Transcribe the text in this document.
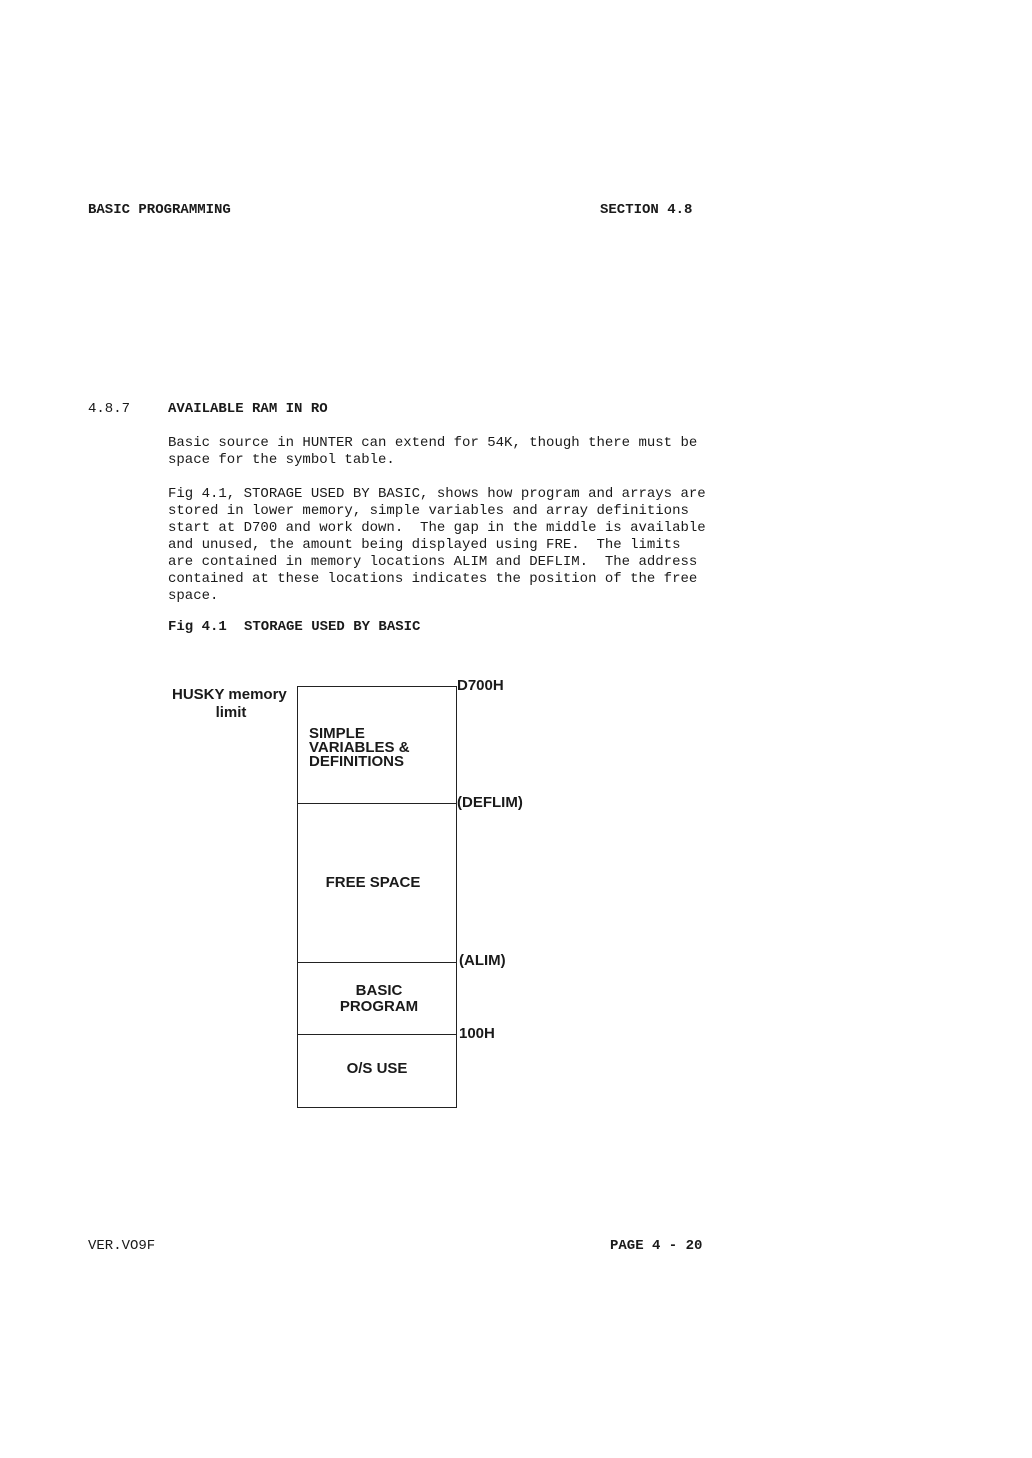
BASIC PROGRAMMING	SECTION 4.8
4.8.7	AVAILABLE RAM IN RO
Basic source in HUNTER can extend for 54K, though there must be
space for the symbol table.
Fig 4.1, STORAGE USED BY BASIC, shows how program and arrays are
stored in lower memory, simple variables and array definitions
start at D700 and work down.  The gap in the middle is available
and unused, the amount being displayed using FRE.  The limits
are contained in memory locations ALIM and DEFLIM.  The address
contained at these locations indicates the position of the free
space.
Fig 4.1 STORAGE USED BY BASIC
HUSKY memory
limit
SIMPLE
VARIABLES &
DEFINITIONS
FREE SPACE
BASIC
PROGRAM
O/S USE
D700H
(DEFLIM)
(ALIM)
100H
VER.VO9F	PAGE 4 - 20
